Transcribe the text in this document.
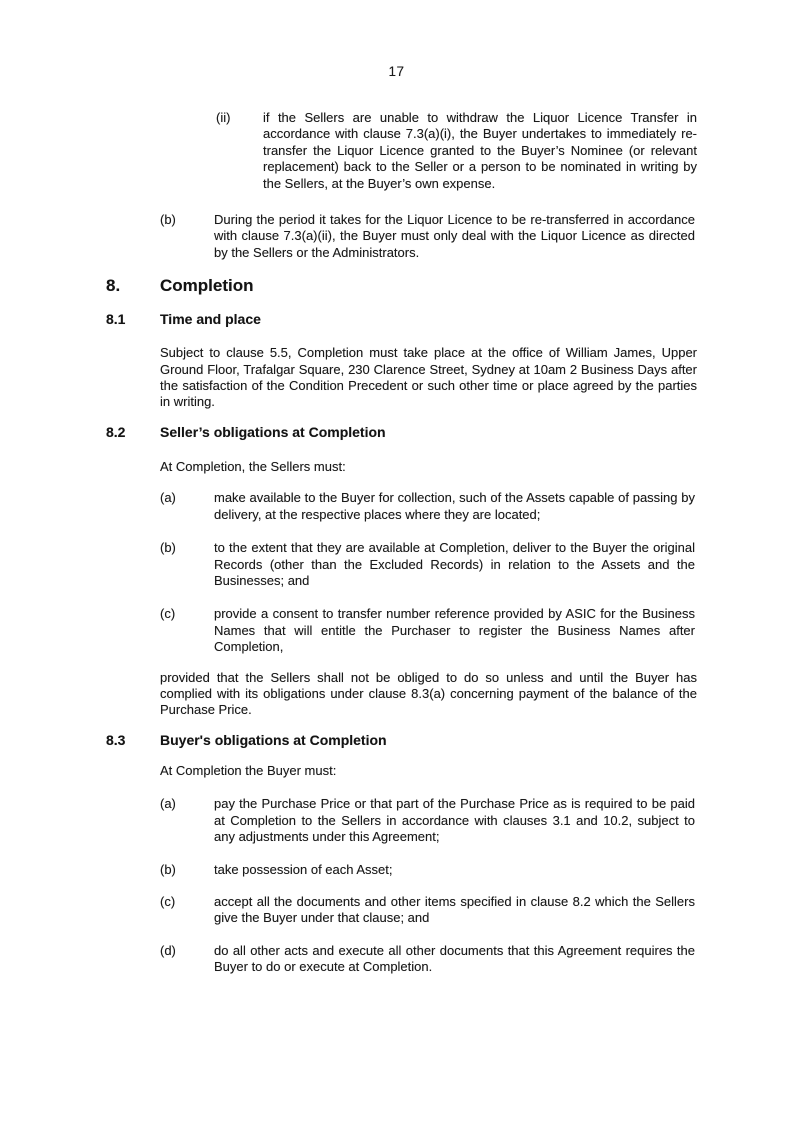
17
(ii)	if the Sellers are unable to withdraw the Liquor Licence Transfer in accordance with clause 7.3(a)(i), the Buyer undertakes to immediately re-transfer the Liquor Licence granted to the Buyer’s Nominee (or relevant replacement) back to the Seller or a person to be nominated in writing by the Sellers, at the Buyer’s own expense.
(b)	During the period it takes for the Liquor Licence to be re-transferred in accordance with clause 7.3(a)(ii), the Buyer must only deal with the Liquor Licence as directed by the Sellers or the Administrators.
8.	Completion
8.1	Time and place
Subject to clause 5.5, Completion must take place at the office of William James, Upper Ground Floor, Trafalgar Square, 230 Clarence Street, Sydney at 10am 2 Business Days after the satisfaction of the Condition Precedent or such other time or place agreed by the parties in writing.
8.2	Seller’s obligations at Completion
At Completion, the Sellers must:
(a)	make available to the Buyer for collection, such of the Assets capable of passing by delivery, at the respective places where they are located;
(b)	to the extent that they are available at Completion, deliver to the Buyer the original Records (other than the Excluded Records) in relation to the Assets and the Businesses; and
(c)	provide a consent to transfer number reference provided by ASIC for the Business Names that will entitle the Purchaser to register the Business Names after Completion,
provided that the Sellers shall not be obliged to do so unless and until the Buyer has complied with its obligations under clause 8.3(a) concerning payment of the balance of the Purchase Price.
8.3	Buyer's obligations at Completion
At Completion the Buyer must:
(a)	pay the Purchase Price or that part of the Purchase Price as is required to be paid at Completion to the Sellers in accordance with clauses 3.1 and 10.2, subject to any adjustments under this Agreement;
(b)	take possession of each Asset;
(c)	accept all the documents and other items specified in clause 8.2 which the Sellers give the Buyer under that clause; and
(d)	do all other acts and execute all other documents that this Agreement requires the Buyer to do or execute at Completion.
